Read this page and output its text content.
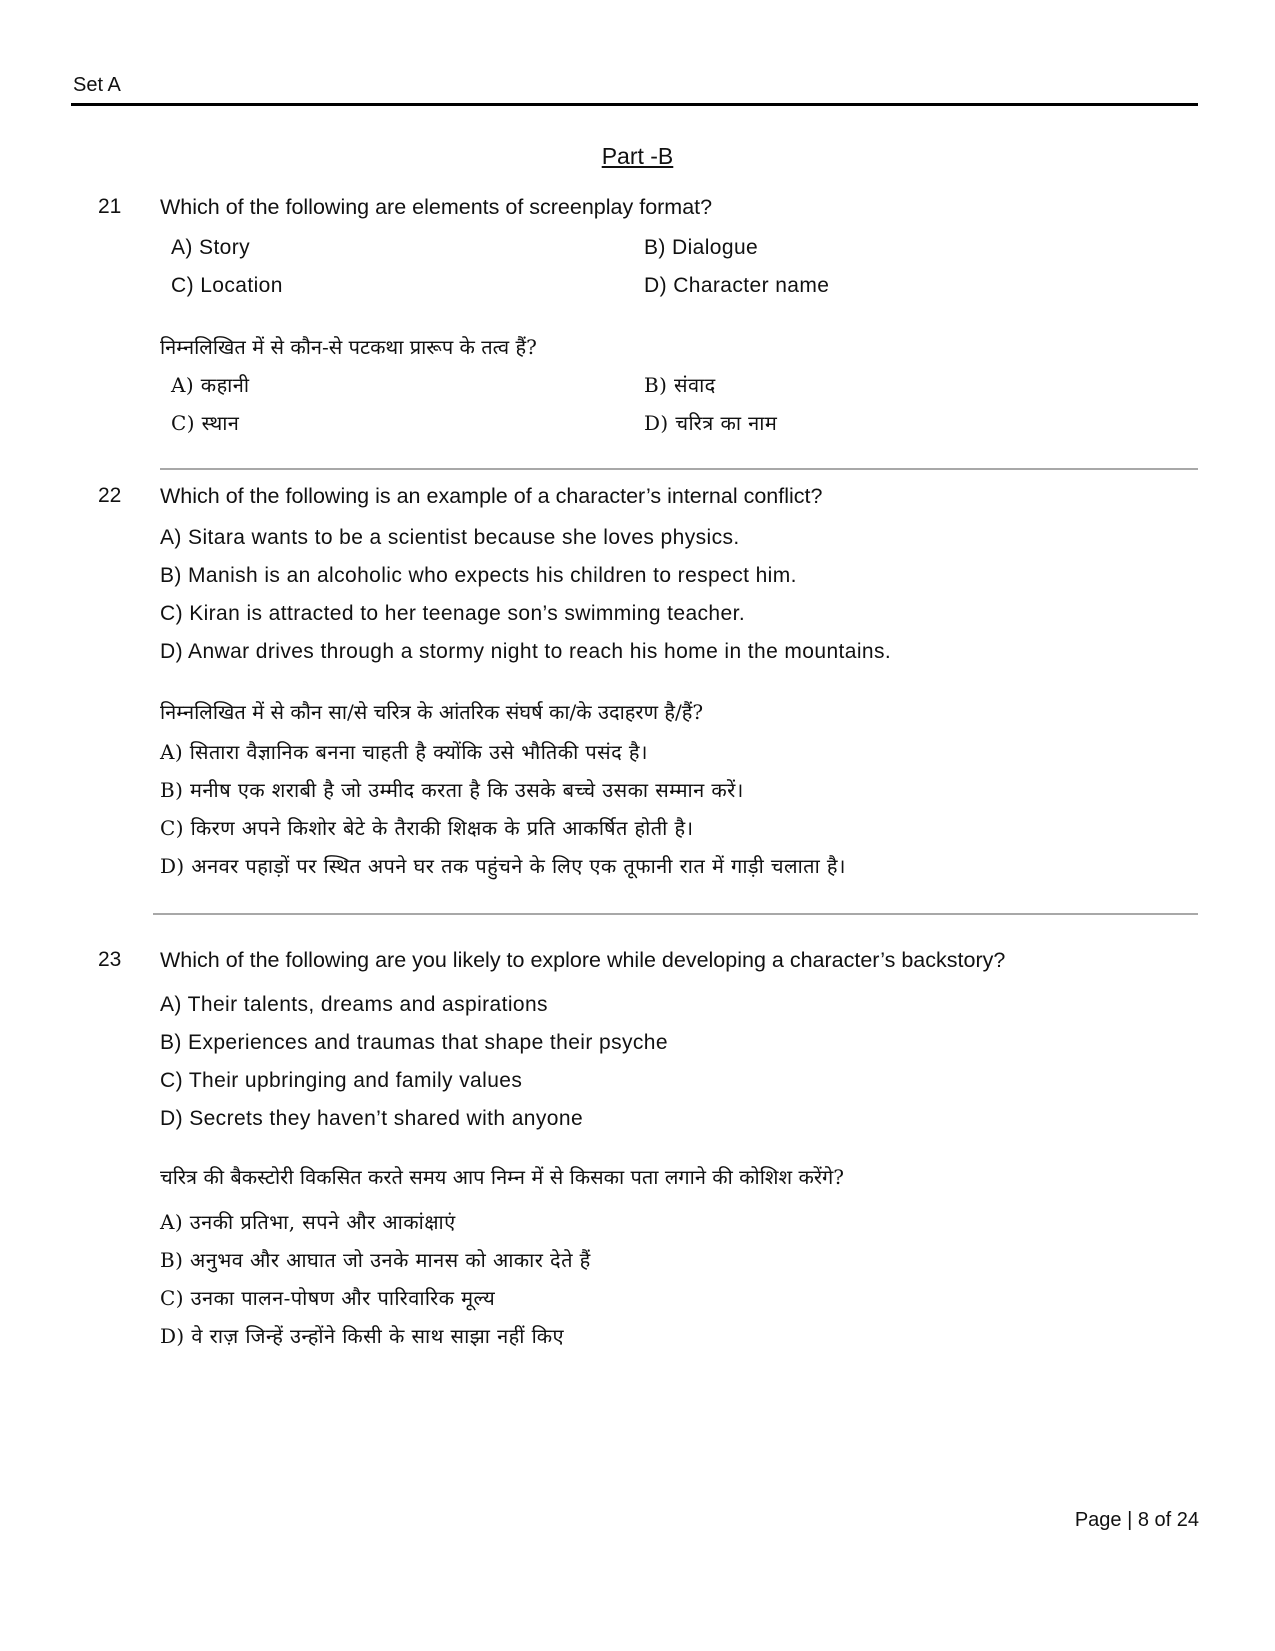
Set A
Part -B
21 Which of the following are elements of screenplay format?
A) Story	B) Dialogue
C) Location	D) Character name
निम्नलिखित में से कौन-से पटकथा प्रारूप के तत्व हैं?
A) कहानी	B) संवाद
C) स्थान	D) चरित्र का नाम
22 Which of the following is an example of a character’s internal conflict?
A) Sitara wants to be a scientist because she loves physics.
B) Manish is an alcoholic who expects his children to respect him.
C) Kiran is attracted to her teenage son’s swimming teacher.
D) Anwar drives through a stormy night to reach his home in the mountains.
निम्नलिखित में से कौन सा/से चरित्र के आंतरिक संघर्ष का/के उदाहरण है/हैं?
A) सितारा वैज्ञानिक बनना चाहती है क्योंकि उसे भौतिकी पसंद है।
B) मनीष एक शराबी है जो उम्मीद करता है कि उसके बच्चे उसका सम्मान करें।
C) किरण अपने किशोर बेटे के तैराकी शिक्षक के प्रति आकर्षित होती है।
D) अनवर पहाड़ों पर स्थित अपने घर तक पहुंचने के लिए एक तूफानी रात में गाड़ी चलाता है।
23 Which of the following are you likely to explore while developing a character’s backstory?
A) Their talents, dreams and aspirations
B) Experiences and traumas that shape their psyche
C) Their upbringing and family values
D) Secrets they haven’t shared with anyone
चरित्र की बैकस्टोरी विकसित करते समय आप निम्न में से किसका पता लगाने की कोशिश करेंगे?
A) उनकी प्रतिभा, सपने और आकांक्षाएं
B) अनुभव और आघात जो उनके मानस को आकार देते हैं
C) उनका पालन-पोषण और पारिवारिक मूल्य
D) वे राज़ जिन्हें उन्होंने किसी के साथ साझा नहीं किए
Page | 8 of 24
